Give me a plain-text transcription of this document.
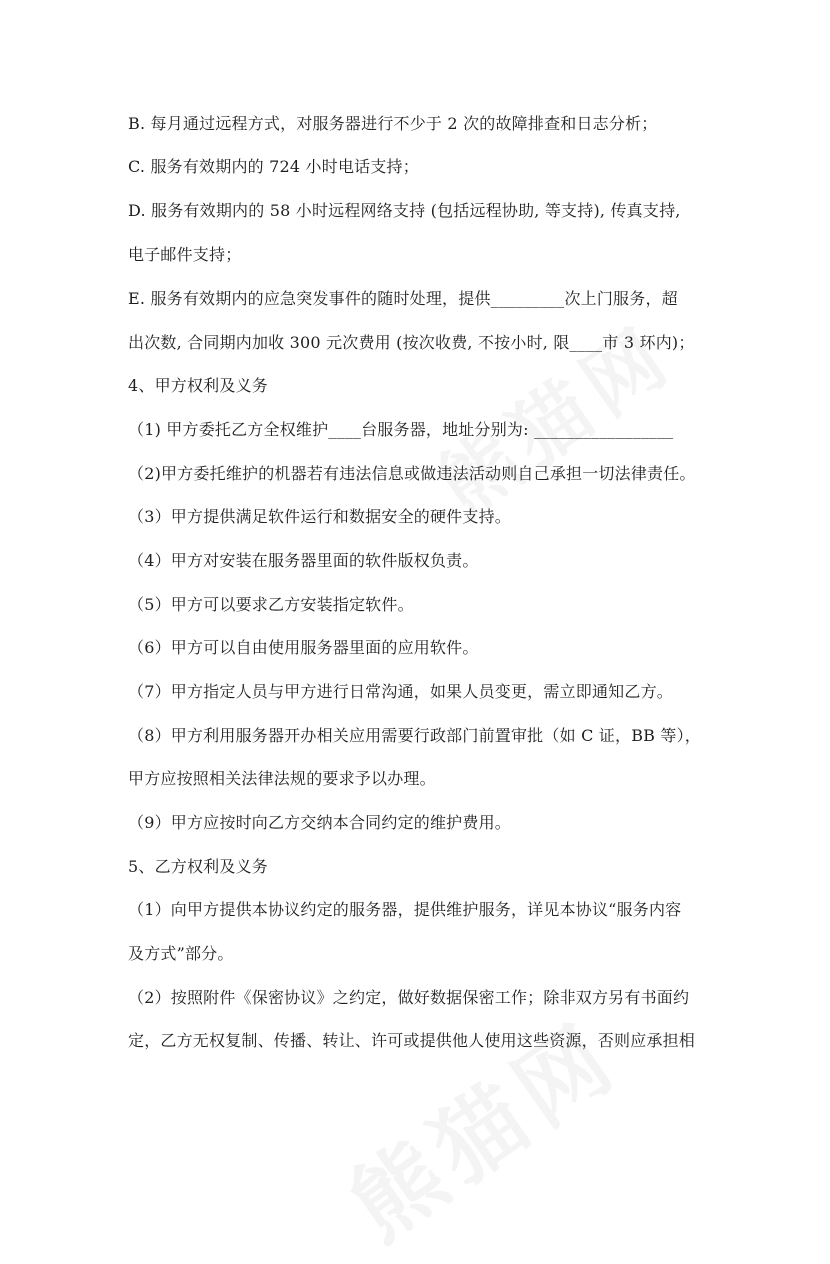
B. 每月通过远程方式，对服务器进行不少于 2 次的故障排查和日志分析；
C. 服务有效期内的 724 小时电话支持；
D. 服务有效期内的 58 小时远程网络支持 (包括远程协助, 等支持), 传真支持,
电子邮件支持；
E. 服务有效期内的应急突发事件的随时处理，提供_________次上门服务，超
出次数, 合同期内加收 300 元次费用 (按次收费, 不按小时, 限____市 3 环内)；
4、甲方权利及义务
（1) 甲方委托乙方全权维护____台服务器，地址分别为: _________________
（2)甲方委托维护的机器若有违法信息或做违法活动则自己承担一切法律责任。
（3）甲方提供满足软件运行和数据安全的硬件支持。
（4）甲方对安装在服务器里面的软件版权负责。
（5）甲方可以要求乙方安装指定软件。
（6）甲方可以自由使用服务器里面的应用软件。
（7）甲方指定人员与甲方进行日常沟通，如果人员变更，需立即通知乙方。
（8）甲方利用服务器开办相关应用需要行政部门前置审批（如 C 证，BB 等），
甲方应按照相关法律法规的要求予以办理。
（9）甲方应按时向乙方交纳本合同约定的维护费用。
5、乙方权利及义务
（1）向甲方提供本协议约定的服务器，提供维护服务，详见本协议“服务内容
及方式”部分。
（2）按照附件《保密协议》之约定，做好数据保密工作；除非双方另有书面约
定，乙方无权复制、传播、转让、许可或提供他人使用这些资源，否则应承担相
